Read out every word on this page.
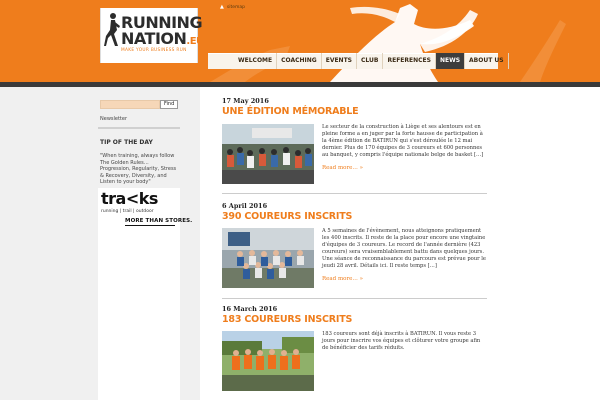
RUNNING
NATION.EU
MAKE YOUR BUSINESS RUN
▲ sitemap
WELCOME	COACHING	EVENTS	CLUB	REFERENCES	NEWS	ABOUT US
Find
Newsletter
TIP OF THE DAY
"When training, always follow The Golden Rules… Progression, Regularity, Stress & Recovery, Diversity, and Listen to your body"
tra<ks
running | trail | outdoor
MORE THAN STORES.
17 May 2016
UNE ÉDITION MÉMORABLE
Le secteur de la construction à Liège et ses alentours est en pleine forme a en juger par la forte hausse de participation à la 4ème édition de BATIRUN qui s'est déroulée le 12 mai dernier. Plus de 170 équipes de 3 coureurs et 600 personnes au banquet, y compris l'équipe nationale belge de basket […]
Read more… »
6 April 2016
390 COUREURS INSCRITS
A 5 semaines de l'évènement, nous atteignons pratiquement les 400 inscrits. Il reste de la place pour encore une vingtaine d'équipes de 3 coureurs. Le record de l'année dernière (423 coureurs) sera vraisemblablement battu dans quelques jours. Une séance de reconnaissance du parcours est prévue pour le jeudi 28 avril. Détails ici. Il reste temps […]
Read more… »
16 March 2016
183 COUREURS INSCRITS
183 coureurs sont déjà inscrits à BATIRUN. Il vous reste 3 jours pour inscrire vos équipes et clôturer votre groupe afin de bénéficier des tarifs réduits.
